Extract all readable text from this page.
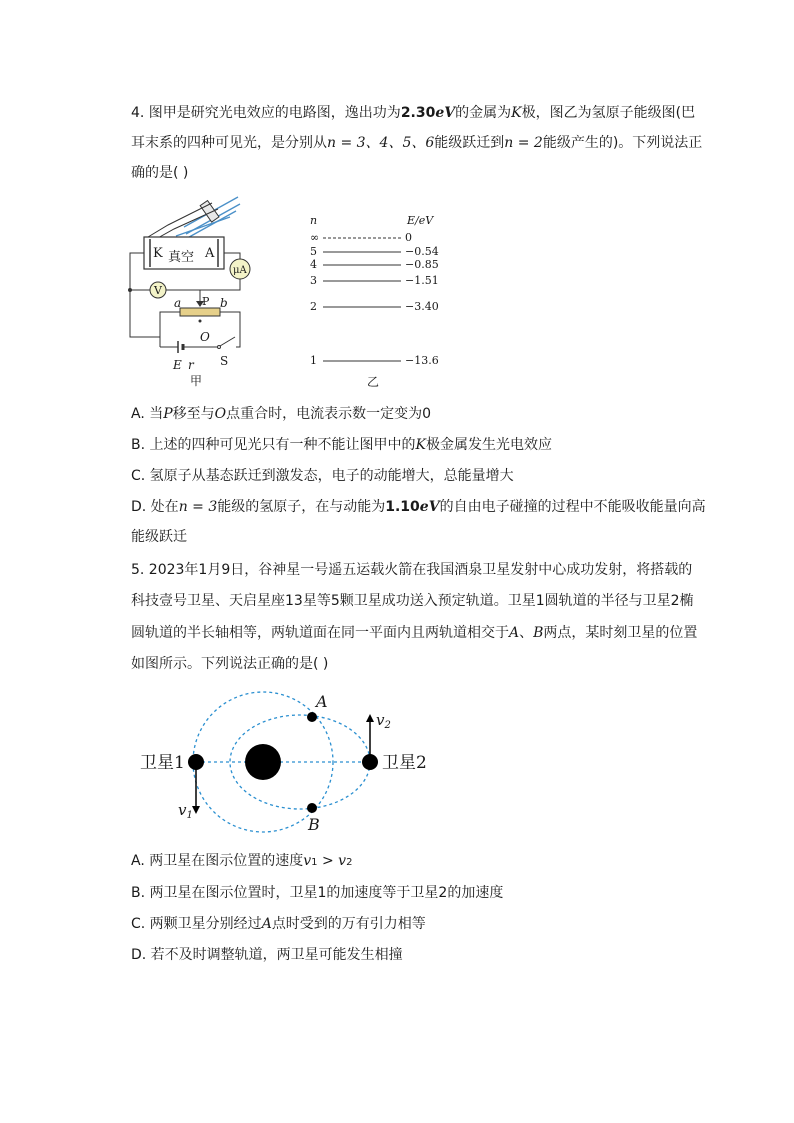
4. 图甲是研究光电效应的电路图，逸出功为2.30eV的金属为K极，图乙为氢原子能级图(巴
耳末系的四种可见光，是分别从n = 3、4、5、6能级跃迁到n = 2能级产生的)。下列说法正
确的是( )
K 真空 A
μA
V
P
a	b
O
E r S
甲
n	E/eV
∞	0
5	−0.54
4	−0.85
3	−1.51
2	−3.40
1	−13.6
乙
A. 当P移至与O点重合时，电流表示数一定变为0
B. 上述的四种可见光只有一种不能让图甲中的K极金属发生光电效应
C. 氢原子从基态跃迁到激发态，电子的动能增大，总能量增大
D. 处在n = 3能级的氢原子，在与动能为1.10eV的自由电子碰撞的过程中不能吸收能量向高
能级跃迁
5. 2023年1月9日，谷神星一号遥五运载火箭在我国酒泉卫星发射中心成功发射，将搭载的
科技壹号卫星、天启星座13星等5颗卫星成功送入预定轨道。卫星1圆轨道的半径与卫星2椭
圆轨道的半长轴相等，两轨道面在同一平面内且两轨道相交于A、B两点，某时刻卫星的位置
如图所示。下列说法正确的是( )
A
B
卫星1	卫星2
$v_1$
$v_2$
A. 两卫星在图示位置的速度v1 > v2
B. 两卫星在图示位置时，卫星1的加速度等于卫星2的加速度
C. 两颗卫星分别经过A点时受到的万有引力相等
D. 若不及时调整轨道，两卫星可能发生相撞
